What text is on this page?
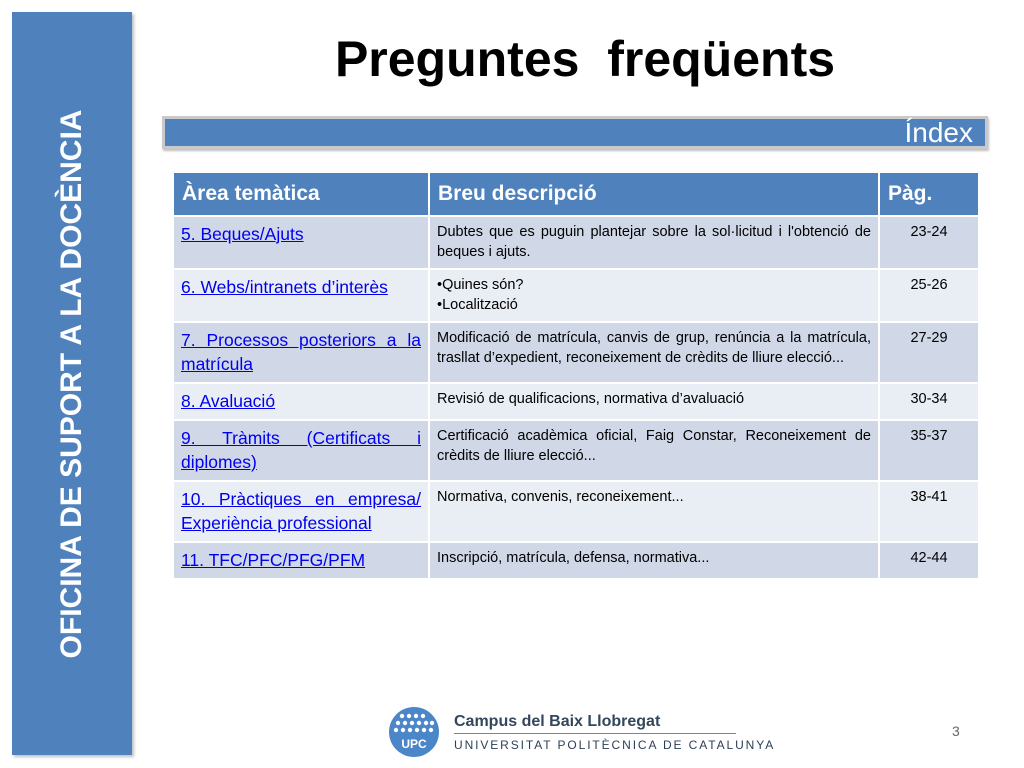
OFICINA DE SUPORT A LA DOCÈNCIA
Preguntes  freqüents
Índex
Àrea temàtica	Breu descripció	Pàg.

5. Beques/Ajuts	Dubtes que es puguin plantejar sobre la sol·licitud i l'obtenció de beques i ajuts.	23-24

6. Webs/intranets d’interès	•Quines són?
•Localització	25-26

7. Processos posteriors a la matrícula	Modificació de matrícula, canvis de grup, renúncia a la matrícula, trasllat d’expedient, reconeixement de crèdits de lliure elecció...	27-29

8. Avaluació	Revisió de qualificacions, normativa d’avaluació	30-34

9. Tràmits (Certificats i diplomes)	Certificació acadèmica oficial, Faig Constar, Reconeixement de crèdits de lliure elecció...	35-37

10. Pràctiques en empresa/ Experiència professional	Normativa, convenis, reconeixement...	38-41

11. TFC/PFC/PFG/PFM	Inscripció, matrícula, defensa, normativa...	42-44
UPC
Campus del Baix Llobregat
UNIVERSITAT POLITÈCNICA DE CATALUNYA
3
